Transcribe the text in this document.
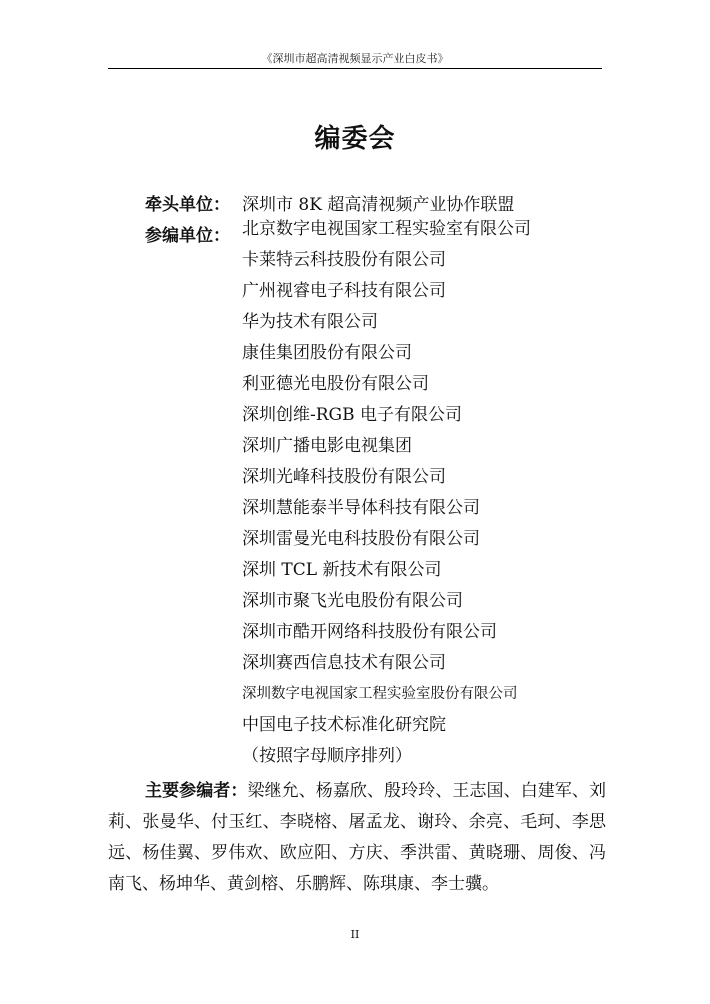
《深圳市超高清视频显示产业白皮书》
编委会
牵头单位： 深圳市 8K 超高清视频产业协作联盟
参编单位： 北京数字电视国家工程实验室有限公司
卡莱特云科技股份有限公司
广州视睿电子科技有限公司
华为技术有限公司
康佳集团股份有限公司
利亚德光电股份有限公司
深圳创维-RGB 电子有限公司
深圳广播电影电视集团
深圳光峰科技股份有限公司
深圳慧能泰半导体科技有限公司
深圳雷曼光电科技股份有限公司
深圳 TCL 新技术有限公司
深圳市聚飞光电股份有限公司
深圳市酷开网络科技股份有限公司
深圳赛西信息技术有限公司
深圳数字电视国家工程实验室股份有限公司
中国电子技术标准化研究院
（按照字母顺序排列）
主要参编者：梁继允、杨嘉欣、殷玲玲、王志国、白建军、刘莉、张曼华、付玉红、李晓榕、屠孟龙、谢玲、余亮、毛珂、李思远、杨佳翼、罗伟欢、欧应阳、方庆、季洪雷、黄晓珊、周俊、冯南飞、杨坤华、黄剑榕、乐鹏辉、陈琪康、李士骥。
II
